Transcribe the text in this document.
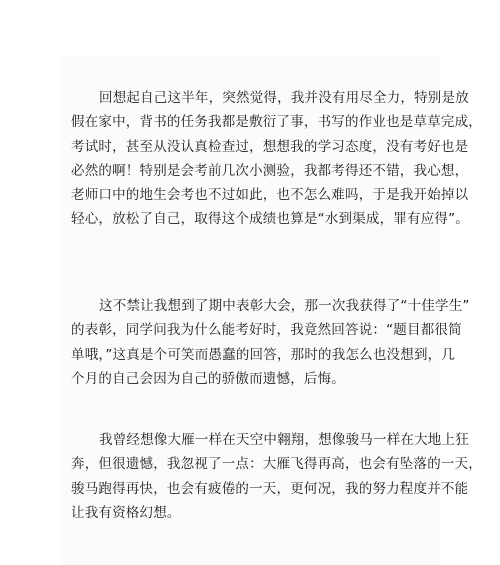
回想起自己这半年，突然觉得，我并没有用尽全力，特别是放
假在家中，背书的任务我都是敷衍了事，书写的作业也是草草完成，
考试时，甚至从没认真检查过，想想我的学习态度，没有考好也是
必然的啊！特别是会考前几次小测验，我都考得还不错，我心想，
老师口中的地生会考也不过如此，也不怎么难吗，于是我开始掉以
轻心，放松了自己，取得这个成绩也算是“水到渠成，罪有应得”。
这不禁让我想到了期中表彰大会，那一次我获得了“十佳学生”
的表彰，同学问我为什么能考好时，我竟然回答说：“题目都很简
单哦，”这真是个可笑而愚蠢的回答，那时的我怎么也没想到，几
个月的自己会因为自己的骄傲而遗憾，后悔。
我曾经想像大雁一样在天空中翱翔，想像骏马一样在大地上狂
奔，但很遗憾，我忽视了一点：大雁飞得再高，也会有坠落的一天，
骏马跑得再快，也会有疲倦的一天，更何况，我的努力程度并不能
让我有资格幻想。
